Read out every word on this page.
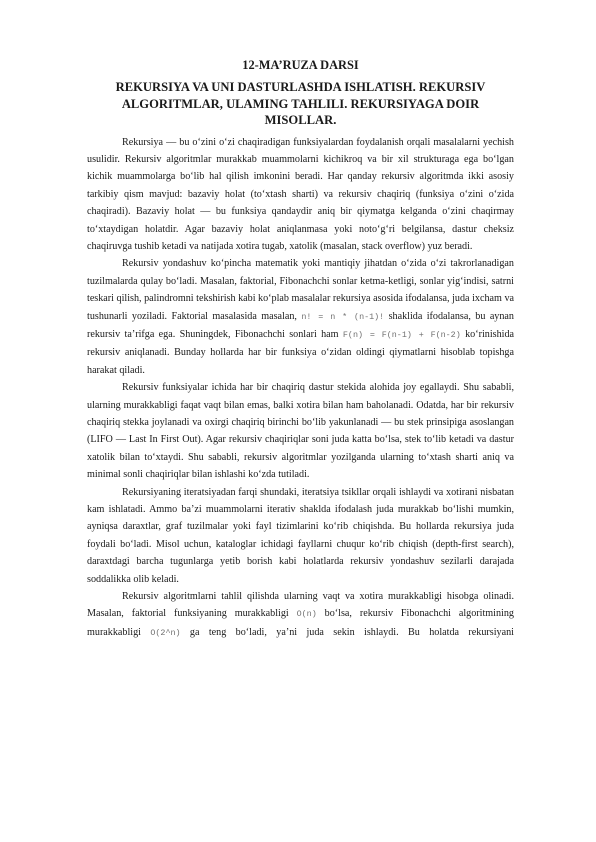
12-MA’RUZA DARSI

REKURSIYA VA UNI DASTURLASHDA ISHLATISH. REKURSIV ALGORITMLAR, ULAMING TAHLILI. REKURSIYAGA DOIR MISOLLAR.

Rekursiya — bu o‘zini o‘zi chaqiradigan funksiyalardan foydalanish orqali masalalarni yechish usulidir. Rekursiv algoritmlar murakkab muammolarni kichikroq va bir xil strukturaga ega bo‘lgan kichik muammolarga bo‘lib hal qilish imkonini beradi. Har qanday rekursiv algoritmda ikki asosiy tarkibiy qism mavjud: bazaviy holat (to‘xtash sharti) va rekursiv chaqiriq (funksiya o‘zini o‘zida chaqiradi). Bazaviy holat — bu funksiya qandaydir aniq bir qiymatga kelganda o‘zini chaqirmay to‘xtaydigan holatdir. Agar bazaviy holat aniqlanmasa yoki noto‘g‘ri belgilansa, dastur cheksiz chaqiruvga tushib ketadi va natijada xotira tugab, xatolik (masalan, stack overflow) yuz beradi.

Rekursiv yondashuv ko‘pincha matematik yoki mantiqiy jihatdan o‘zida o‘zi takrorlanadigan tuzilmalarda qulay bo‘ladi. Masalan, faktorial, Fibonachchi sonlar ketma-ketligi, sonlar yig‘indisi, satrni teskari qilish, palindromni tekshirish kabi ko‘plab masalalar rekursiya asosida ifodalansa, juda ixcham va tushunarli yoziladi. Faktorial masalasida masalan, n! = n * (n-1)! shaklida ifodalansa, bu aynan rekursiv ta’rifga ega. Shuningdek, Fibonachchi sonlari ham F(n) = F(n-1) + F(n-2) ko‘rinishida rekursiv aniqlanadi. Bunday hollarda har bir funksiya o‘zidan oldingi qiymatlarni hisoblab topishga harakat qiladi.

Rekursiv funksiyalar ichida har bir chaqiriq dastur stekida alohida joy egallaydi. Shu sababli, ularning murakkabligi faqat vaqt bilan emas, balki xotira bilan ham baholanadi. Odatda, har bir rekursiv chaqiriq stekka joylanadi va oxirgi chaqiriq birinchi bo‘lib yakunlanadi — bu stek prinsipiga asoslangan (LIFO — Last In First Out). Agar rekursiv chaqiriqlar soni juda katta bo‘lsa, stek to‘lib ketadi va dastur xatolik bilan to‘xtaydi. Shu sababli, rekursiv algoritmlar yozilganda ularning to‘xtash sharti aniq va minimal sonli chaqiriqlar bilan ishlashi ko‘zda tutiladi.

Rekursiyaning iteratsiyadan farqi shundaki, iteratsiya tsikllar orqali ishlaydi va xotirani nisbatan kam ishlatadi. Ammo ba’zi muammolarni iterativ shaklda ifodalash juda murakkab bo‘lishi mumkin, ayniqsa daraxtlar, graf tuzilmalar yoki fayl tizimlarini ko‘rib chiqishda. Bu hollarda rekursiya juda foydali bo‘ladi. Misol uchun, kataloglar ichidagi fayllarni chuqur ko‘rib chiqish (depth-first search), daraxtdagi barcha tugunlarga yetib borish kabi holatlarda rekursiv yondashuv sezilarli darajada soddalikka olib keladi.

Rekursiv algoritmlarni tahlil qilishda ularning vaqt va xotira murakkabligi hisobga olinadi. Masalan, faktorial funksiyaning murakkabligi O(n) bo‘lsa, rekursiv Fibonachchi algoritmining murakkabligi O(2^n) ga teng bo‘ladi, ya’ni juda sekin ishlaydi. Bu holatda rekursiyani
